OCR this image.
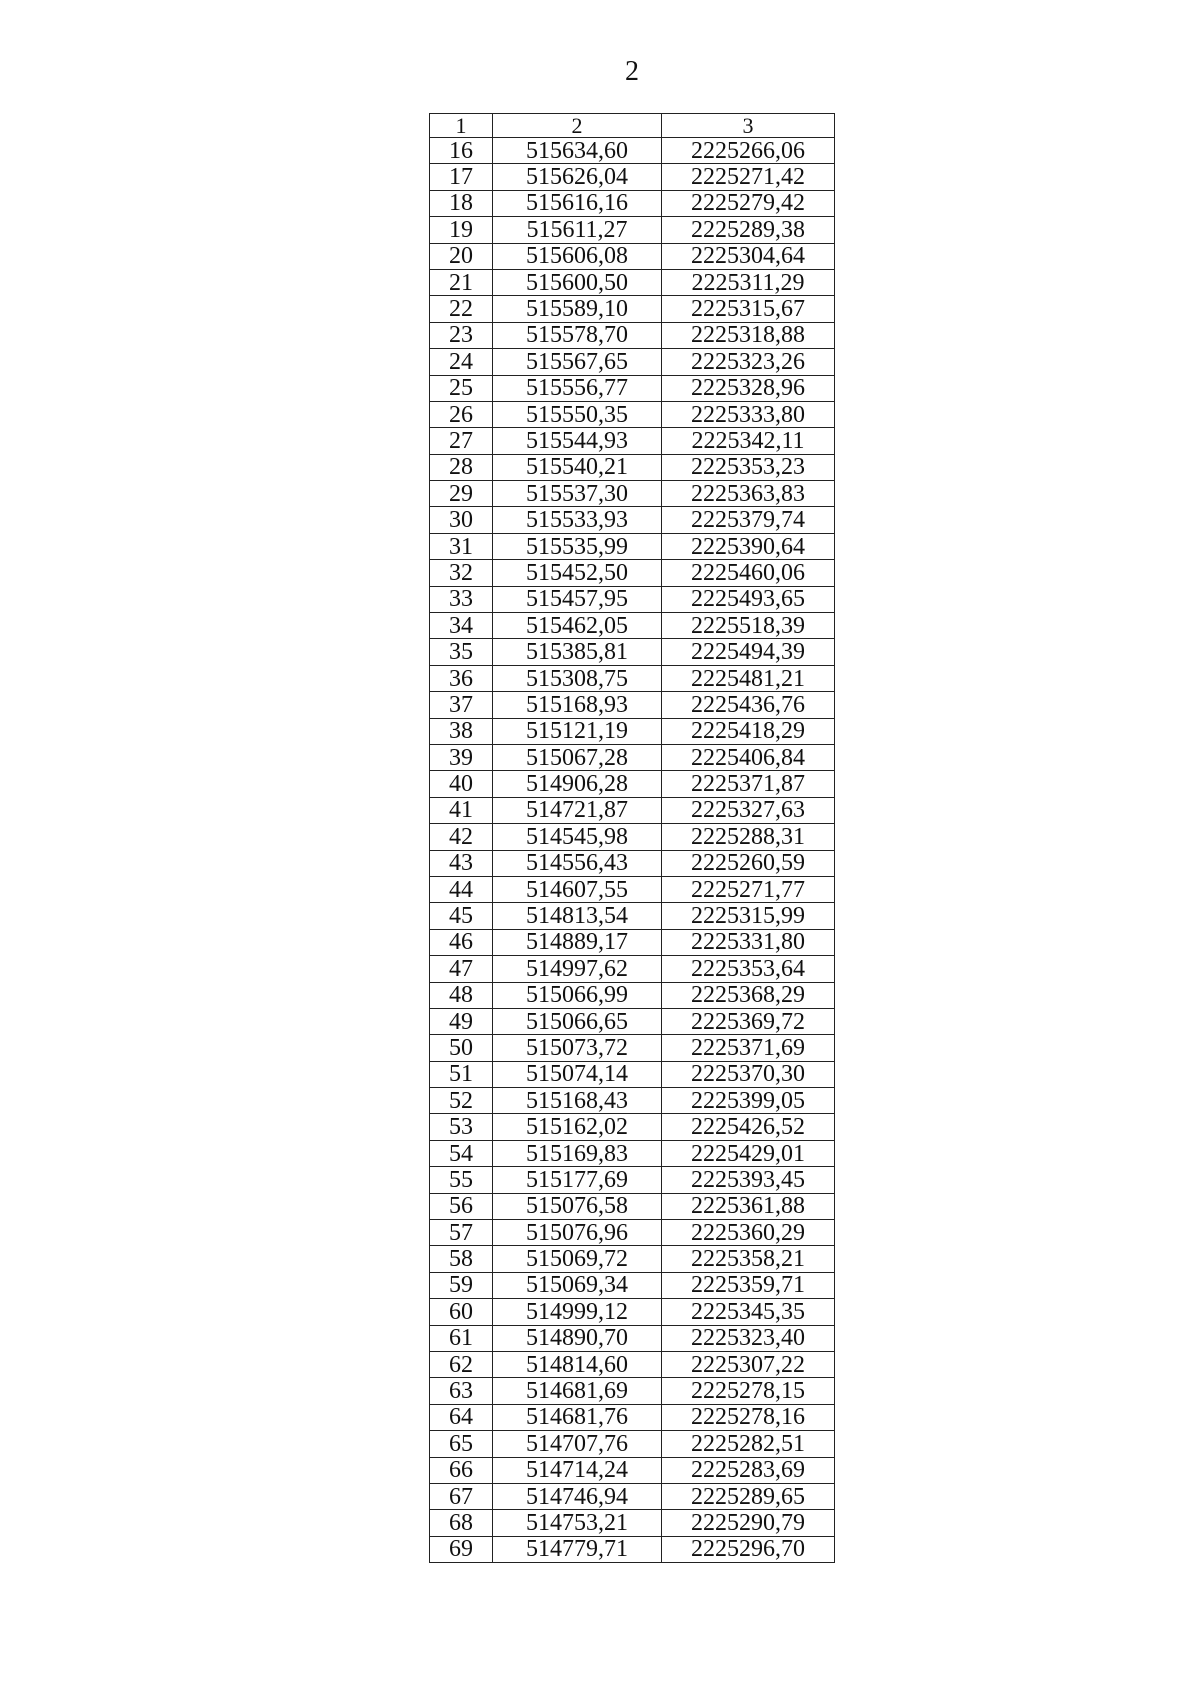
2
1	2	3
16	515634,60	2225266,06
17	515626,04	2225271,42
18	515616,16	2225279,42
19	515611,27	2225289,38
20	515606,08	2225304,64
21	515600,50	2225311,29
22	515589,10	2225315,67
23	515578,70	2225318,88
24	515567,65	2225323,26
25	515556,77	2225328,96
26	515550,35	2225333,80
27	515544,93	2225342,11
28	515540,21	2225353,23
29	515537,30	2225363,83
30	515533,93	2225379,74
31	515535,99	2225390,64
32	515452,50	2225460,06
33	515457,95	2225493,65
34	515462,05	2225518,39
35	515385,81	2225494,39
36	515308,75	2225481,21
37	515168,93	2225436,76
38	515121,19	2225418,29
39	515067,28	2225406,84
40	514906,28	2225371,87
41	514721,87	2225327,63
42	514545,98	2225288,31
43	514556,43	2225260,59
44	514607,55	2225271,77
45	514813,54	2225315,99
46	514889,17	2225331,80
47	514997,62	2225353,64
48	515066,99	2225368,29
49	515066,65	2225369,72
50	515073,72	2225371,69
51	515074,14	2225370,30
52	515168,43	2225399,05
53	515162,02	2225426,52
54	515169,83	2225429,01
55	515177,69	2225393,45
56	515076,58	2225361,88
57	515076,96	2225360,29
58	515069,72	2225358,21
59	515069,34	2225359,71
60	514999,12	2225345,35
61	514890,70	2225323,40
62	514814,60	2225307,22
63	514681,69	2225278,15
64	514681,76	2225278,16
65	514707,76	2225282,51
66	514714,24	2225283,69
67	514746,94	2225289,65
68	514753,21	2225290,79
69	514779,71	2225296,70
